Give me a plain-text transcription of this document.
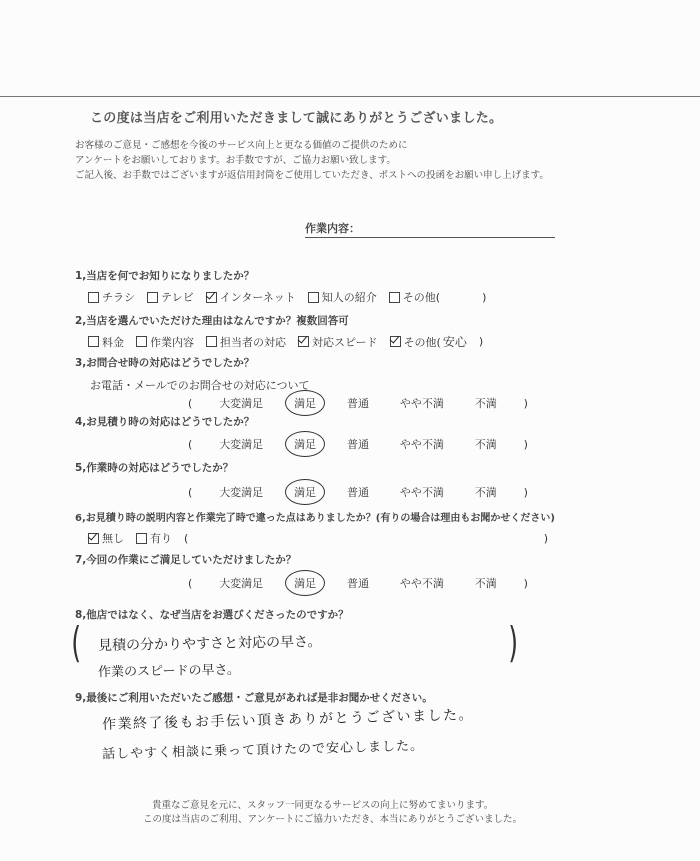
この度は当店をご利用いただきまして誠にありがとうございました。
お客様のご意見・ご感想を今後のサービス向上と更なる価値のご提供のために
アンケートをお願いしております。お手数ですが、ご協力お願い致します。
ご記入後、お手数ではございますが返信用封筒をご使用していただき、ポストへの投函をお願い申し上げます。
作業内容：
1,当店を何でお知りになりましたか？
チラシ テレビ インターネット 知人の紹介 その他(	)
2,当店を選んでいただけた理由はなんですか？複数回答可
料金 作業内容 担当者の対応 対応スピード その他( 安心 )
3,お問合せ時の対応はどうでしたか？
お電話・メールでのお問合せの対応について
(	大変満足	満足	普通	やや不満	不満	)
4,お見積り時の対応はどうでしたか？
(	大変満足	満足	普通	やや不満	不満	)
5,作業時の対応はどうでしたか？
(	大変満足	満足	普通	やや不満	不満	)
6,お見積り時の説明内容と作業完了時で違った点はありましたか？(有りの場合は理由もお聞かせください)
無し 有り (	)
7,今回の作業にご満足していただけましたか？
(	大変満足	満足	普通	やや不満	不満	)
8,他店ではなく、なぜ当店をお選びくださったのですか？
(	)
見積の分かりやすさと対応の早さ。
作業のスピードの早さ。
9,最後にご利用いただいたご感想・ご意見があれば是非お聞かせください。
作業終了後もお手伝い頂きありがとうございました。
話しやすく相談に乗って頂けたので安心しました。
貴重なご意見を元に、スタッフ一同更なるサービスの向上に努めてまいります。
この度は当店のご利用、アンケートにご協力いただき、本当にありがとうございました。
